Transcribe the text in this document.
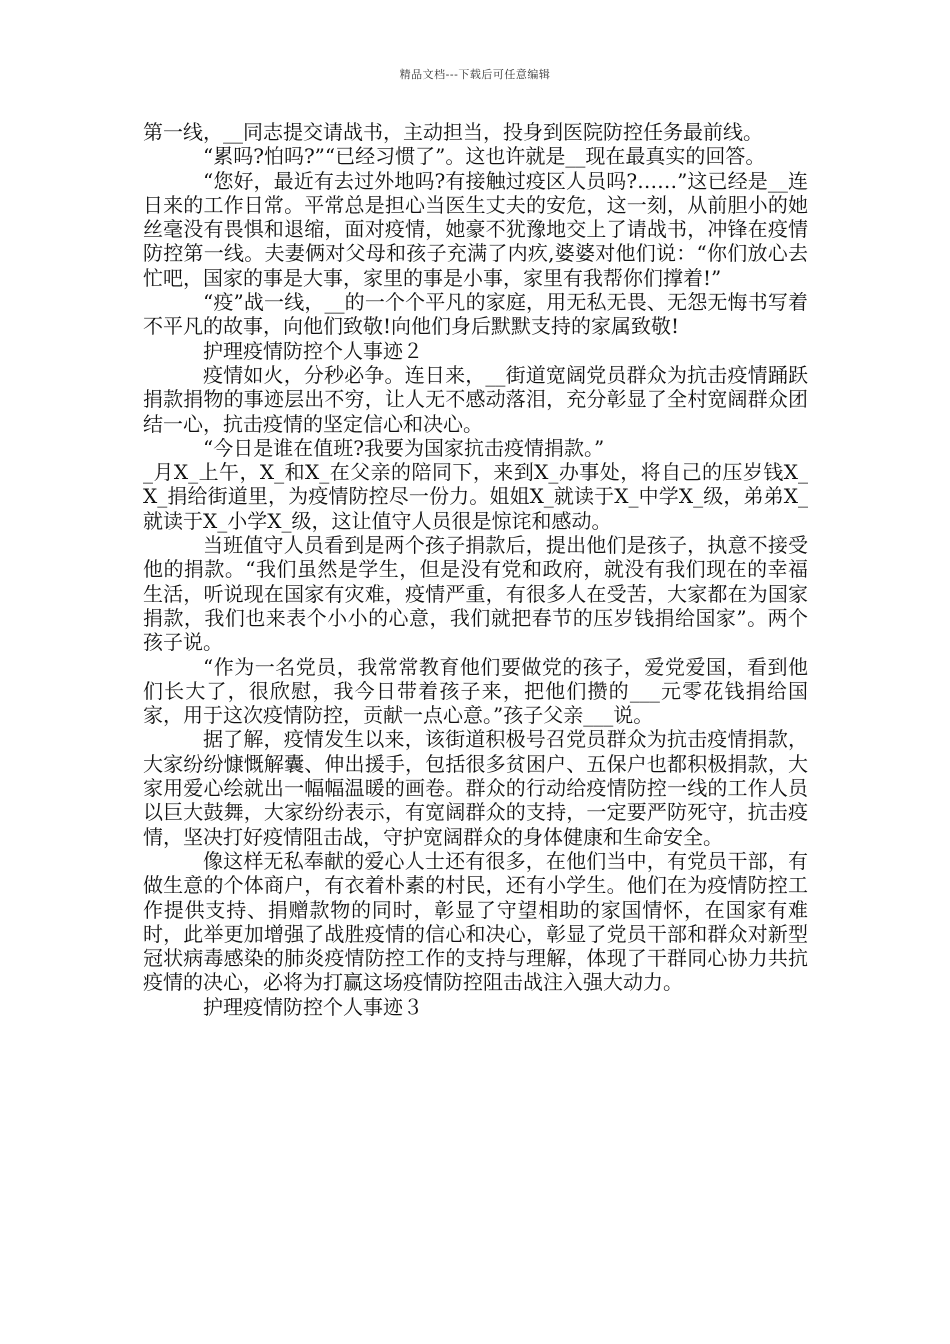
精品文档---下载后可任意编辑

第一线，__同志提交请战书，主动担当，投身到医院防控任务最前线。

“累吗?怕吗?”“已经习惯了”。这也许就是__现在最真实的回答。

“您好，最近有去过外地吗?有接触过疫区人员吗?……”这已经是__连日来的工作日常。平常总是担心当医生丈夫的安危，这一刻，从前胆小的她丝毫没有畏惧和退缩，面对疫情，她豪不犹豫地交上了请战书，冲锋在疫情防控第一线。夫妻俩对父母和孩子充满了内疚,婆婆对他们说：“你们放心去忙吧，国家的事是大事，家里的事是小事，家里有我帮你们撑着!”

“疫”战一线，__的一个个平凡的家庭，用无私无畏、无怨无悔书写着不平凡的故事，向他们致敬!向他们身后默默支持的家属致敬!

护理疫情防控个人事迹２

疫情如火，分秒必争。连日来，__街道宽阔党员群众为抗击疫情踊跃捐款捐物的事迹层出不穷，让人无不感动落泪，充分彰显了全村宽阔群众团结一心，抗击疫情的坚定信心和决心。

“今日是谁在值班?我要为国家抗击疫情捐款。”

_月X_上午，X_和X_在父亲的陪同下，来到X_办事处，将自己的压岁钱X_X_捐给街道里，为疫情防控尽一份力。姐姐X_就读于X_中学X_级，弟弟X_就读于X_小学X_级，这让值守人员很是惊诧和感动。

当班值守人员看到是两个孩子捐款后，提出他们是孩子，执意不接受他的捐款。“我们虽然是学生，但是没有党和政府，就没有我们现在的幸福生活，听说现在国家有灾难，疫情严重，有很多人在受苦，大家都在为国家捐款，我们也来表个小小的心意，我们就把春节的压岁钱捐给国家”。两个孩子说。

“作为一名党员，我常常教育他们要做党的孩子，爱党爱国，看到他们长大了，很欣慰，我今日带着孩子来，把他们攒的___元零花钱捐给国家，用于这次疫情防控，贡献一点心意。”孩子父亲___说。

据了解，疫情发生以来，该街道积极号召党员群众为抗击疫情捐款，大家纷纷慷慨解囊、伸出援手，包括很多贫困户、五保户也都积极捐款，大家用爱心绘就出一幅幅温暖的画卷。群众的行动给疫情防控一线的工作人员以巨大鼓舞，大家纷纷表示，有宽阔群众的支持，一定要严防死守，抗击疫情，坚决打好疫情阻击战，守护宽阔群众的身体健康和生命安全。

像这样无私奉献的爱心人士还有很多，在他们当中，有党员干部，有做生意的个体商户，有衣着朴素的村民，还有小学生。他们在为疫情防控工作提供支持、捐赠款物的同时，彰显了守望相助的家国情怀，在国家有难时，此举更加增强了战胜疫情的信心和决心，彰显了党员干部和群众对新型冠状病毒感染的肺炎疫情防控工作的支持与理解，体现了干群同心协力共抗疫情的决心，必将为打赢这场疫情防控阻击战注入强大动力。

护理疫情防控个人事迹３
